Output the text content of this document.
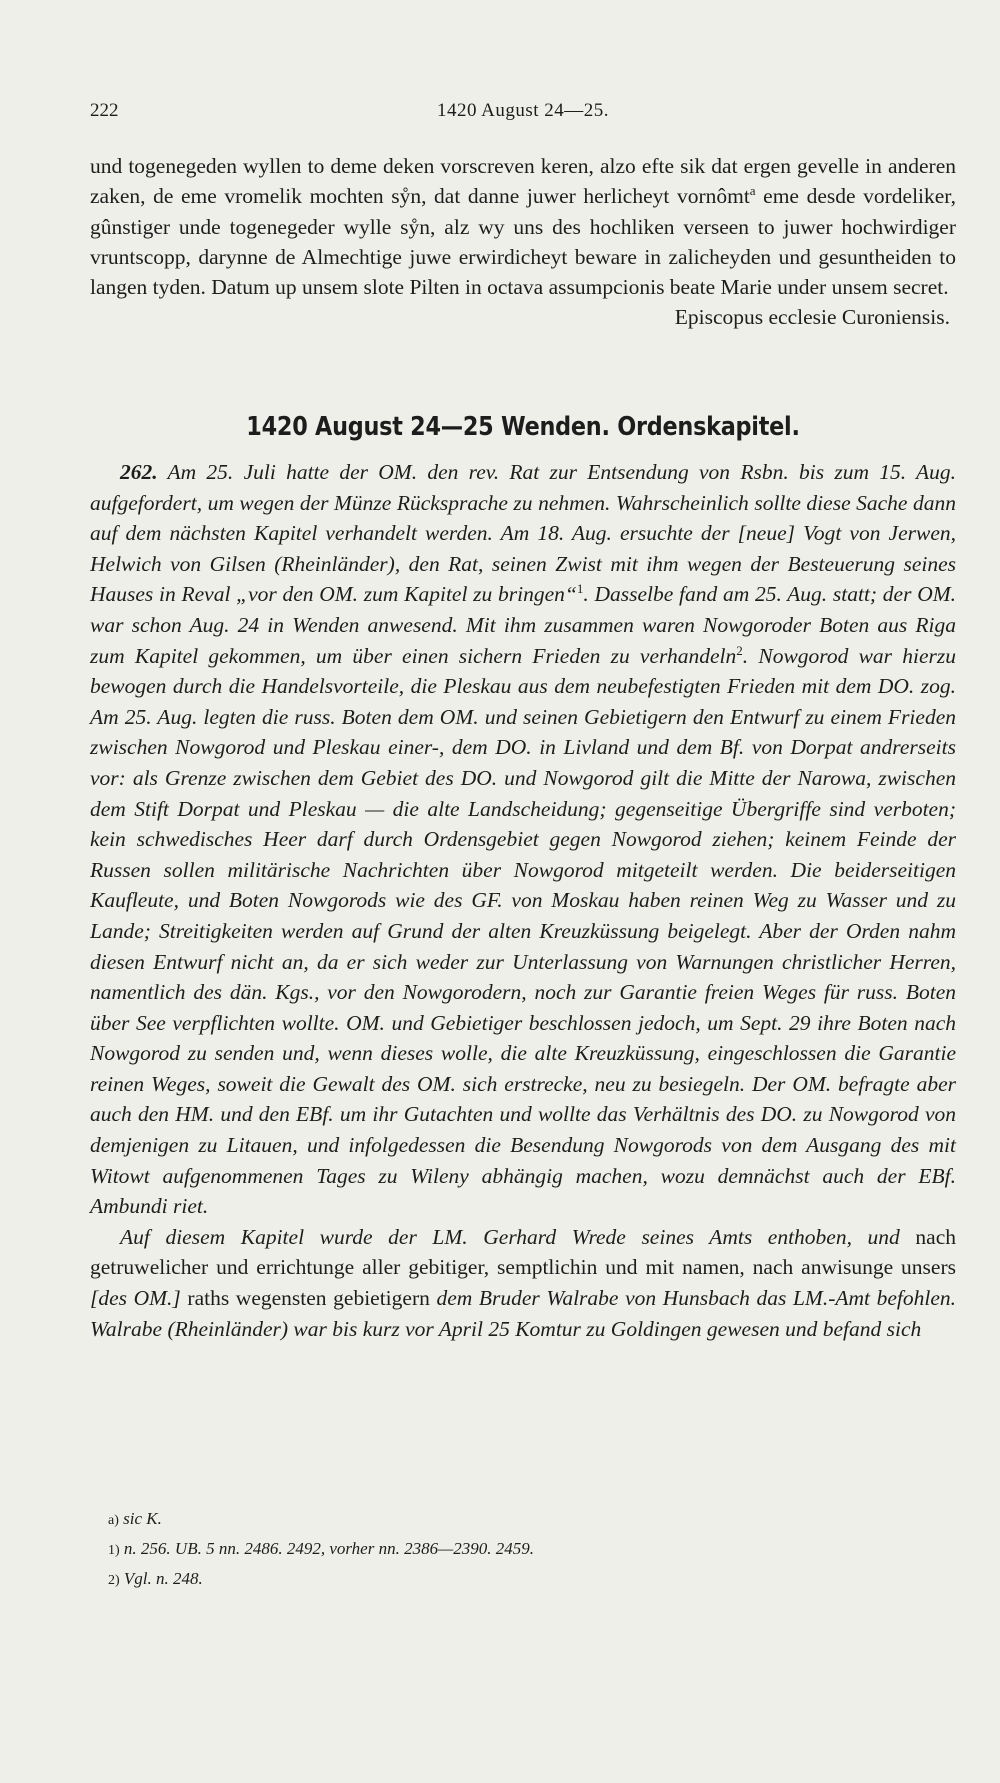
222	1420 August 24—25.

und togenegeden wyllen to deme deken vorscreven keren, alzo efte sik dat ergen gevelle in anderen zaken, de eme vromelik mochten sẙn, dat danne juwer herlicheyt vornômt$^a$ eme desde vordeliker, gûnstiger unde togenegeder wylle sẙn, alz wy uns des hochliken verseen to juwer hochwirdiger vruntscopp, darynne de Almechtige juwe erwirdicheyt beware in zalicheyden und gesuntheiden to langen tyden. Datum up unsem slote Pilten in octava assumpcionis beate Marie under unsem secret.

Episcopus ecclesie Curoniensis.

1420 August 24—25 Wenden. Ordenskapitel.

262. Am 25. Juli hatte der OM. den rev. Rat zur Entsendung von Rsbn. bis zum 15. Aug. aufgefordert, um wegen der Münze Rücksprache zu nehmen. Wahrscheinlich sollte diese Sache dann auf dem nächsten Kapitel verhandelt werden. Am 18. Aug. ersuchte der [neue] Vogt von Jerwen, Helwich von Gilsen (Rheinländer), den Rat, seinen Zwist mit ihm wegen der Besteuerung seines Hauses in Reval „vor den OM. zum Kapitel zu bringen“$^1$. Dasselbe fand am 25. Aug. statt; der OM. war schon Aug. 24 in Wenden anwesend. Mit ihm zusammen waren Nowgoroder Boten aus Riga zum Kapitel gekommen, um über einen sichern Frieden zu verhandeln$^2$. Nowgorod war hierzu bewogen durch die Handelsvorteile, die Pleskau aus dem neubefestigten Frieden mit dem DO. zog. Am 25. Aug. legten die russ. Boten dem OM. und seinen Gebietigern den Entwurf zu einem Frieden zwischen Nowgorod und Pleskau einer-, dem DO. in Livland und dem Bf. von Dorpat andrerseits vor: als Grenze zwischen dem Gebiet des DO. und Nowgorod gilt die Mitte der Narowa, zwischen dem Stift Dorpat und Pleskau — die alte Landscheidung; gegenseitige Übergriffe sind verboten; kein schwedisches Heer darf durch Ordensgebiet gegen Nowgorod ziehen; keinem Feinde der Russen sollen militärische Nachrichten über Nowgorod mitgeteilt werden. Die beiderseitigen Kaufleute, und Boten Nowgorods wie des GF. von Moskau haben reinen Weg zu Wasser und zu Lande; Streitigkeiten werden auf Grund der alten Kreuzküssung beigelegt. Aber der Orden nahm diesen Entwurf nicht an, da er sich weder zur Unterlassung von Warnungen christlicher Herren, namentlich des dän. Kgs., vor den Nowgorodern, noch zur Garantie freien Weges für russ. Boten über See verpflichten wollte. OM. und Gebietiger beschlossen jedoch, um Sept. 29 ihre Boten nach Nowgorod zu senden und, wenn dieses wolle, die alte Kreuzküssung, eingeschlossen die Garantie reinen Weges, soweit die Gewalt des OM. sich erstrecke, neu zu besiegeln. Der OM. befragte aber auch den HM. und den EBf. um ihr Gutachten und wollte das Verhältnis des DO. zu Nowgorod von demjenigen zu Litauen, und infolgedessen die Besendung Nowgorods von dem Ausgang des mit Witowt aufgenommenen Tages zu Wileny abhängig machen, wozu demnächst auch der EBf. Ambundi riet.

Auf diesem Kapitel wurde der LM. Gerhard Wrede seines Amts enthoben, und nach getruwelicher und errichtunge aller gebitiger, semptlichin und mit namen, nach anwisunge unsers [des OM.] raths wegensten gebietigern dem Bruder Walrabe von Hunsbach das LM.-Amt befohlen. Walrabe (Rheinländer) war bis kurz vor April 25 Komtur zu Goldingen gewesen und befand sich

a) sic K.

1) n. 256. UB. 5 nn. 2486. 2492, vorher nn. 2386—2390. 2459.

2) Vgl. n. 248.
